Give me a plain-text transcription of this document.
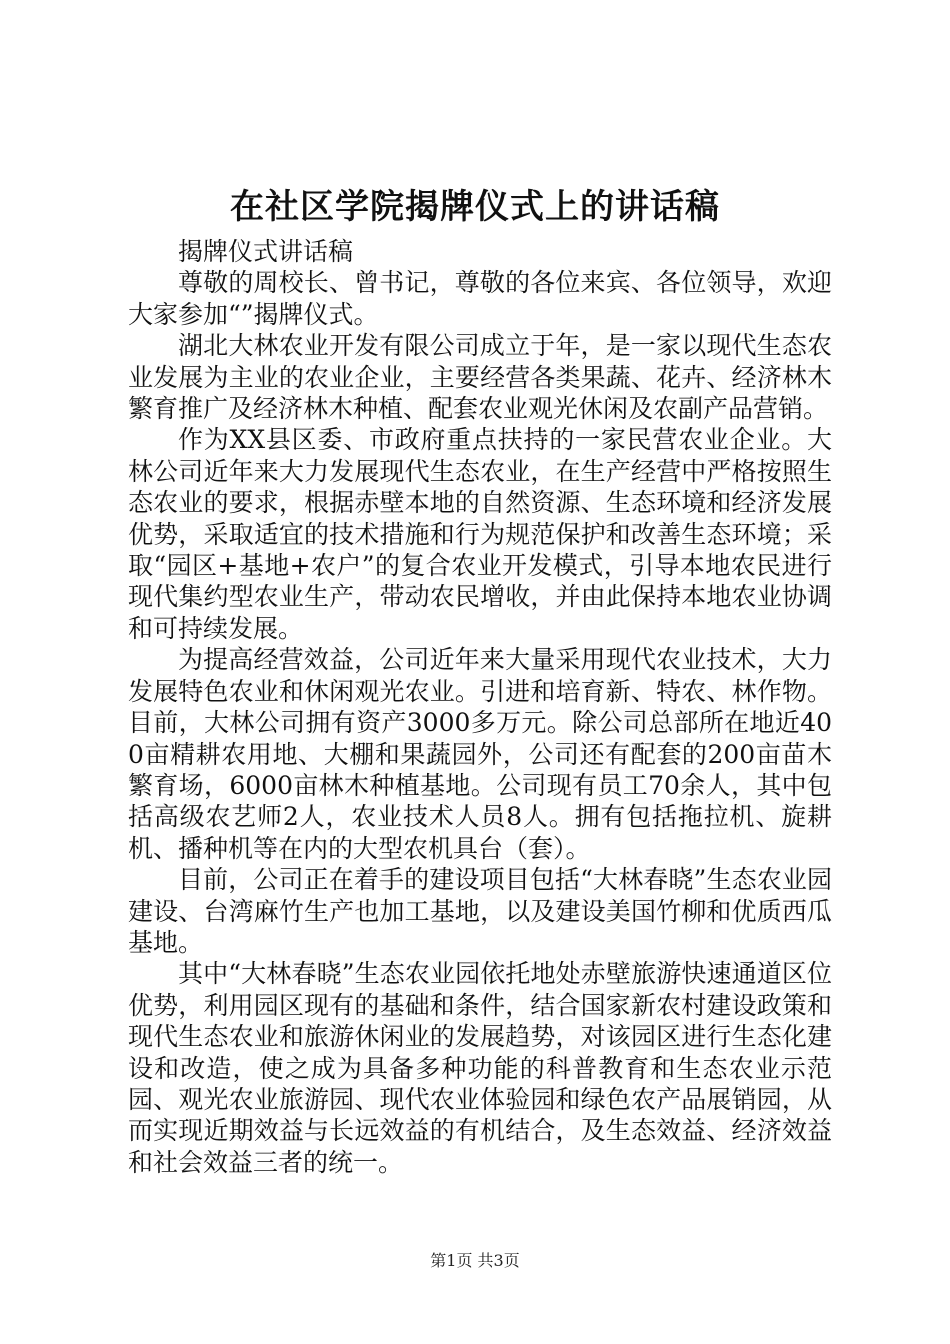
在社区学院揭牌仪式上的讲话稿

揭牌仪式讲话稿

尊敬的周校长、曾书记，尊敬的各位来宾、各位领导，欢迎大家参加“”揭牌仪式。

湖北大林农业开发有限公司成立于年，是一家以现代生态农业发展为主业的农业企业，主要经营各类果蔬、花卉、经济林木繁育推广及经济林木种植、配套农业观光休闲及农副产品营销。

作为XX县区委、市政府重点扶持的一家民营农业企业。大林公司近年来大力发展现代生态农业，在生产经营中严格按照生态农业的要求，根据赤壁本地的自然资源、生态环境和经济发展优势，采取适宜的技术措施和行为规范保护和改善生态环境；采取“园区+基地+农户”的复合农业开发模式，引导本地农民进行现代集约型农业生产，带动农民增收，并由此保持本地农业协调和可持续发展。

为提高经营效益，公司近年来大量采用现代农业技术，大力发展特色农业和休闲观光农业。引进和培育新、特农、林作物。目前，大林公司拥有资产3000多万元。除公司总部所在地近400亩精耕农用地、大棚和果蔬园外，公司还有配套的200亩苗木繁育场，6000亩林木种植基地。公司现有员工70余人，其中包括高级农艺师2人，农业技术人员8人。拥有包括拖拉机、旋耕机、播种机等在内的大型农机具台（套）。

目前，公司正在着手的建设项目包括“大林春晓”生态农业园建设、台湾麻竹生产也加工基地，以及建设美国竹柳和优质西瓜基地。

其中“大林春晓”生态农业园依托地处赤壁旅游快速通道区位优势，利用园区现有的基础和条件，结合国家新农村建设政策和现代生态农业和旅游休闲业的发展趋势，对该园区进行生态化建设和改造，使之成为具备多种功能的科普教育和生态农业示范园、观光农业旅游园、现代农业体验园和绿色农产品展销园，从而实现近期效益与长远效益的有机结合，及生态效益、经济效益和社会效益三者的统一。

第1页 共3页
